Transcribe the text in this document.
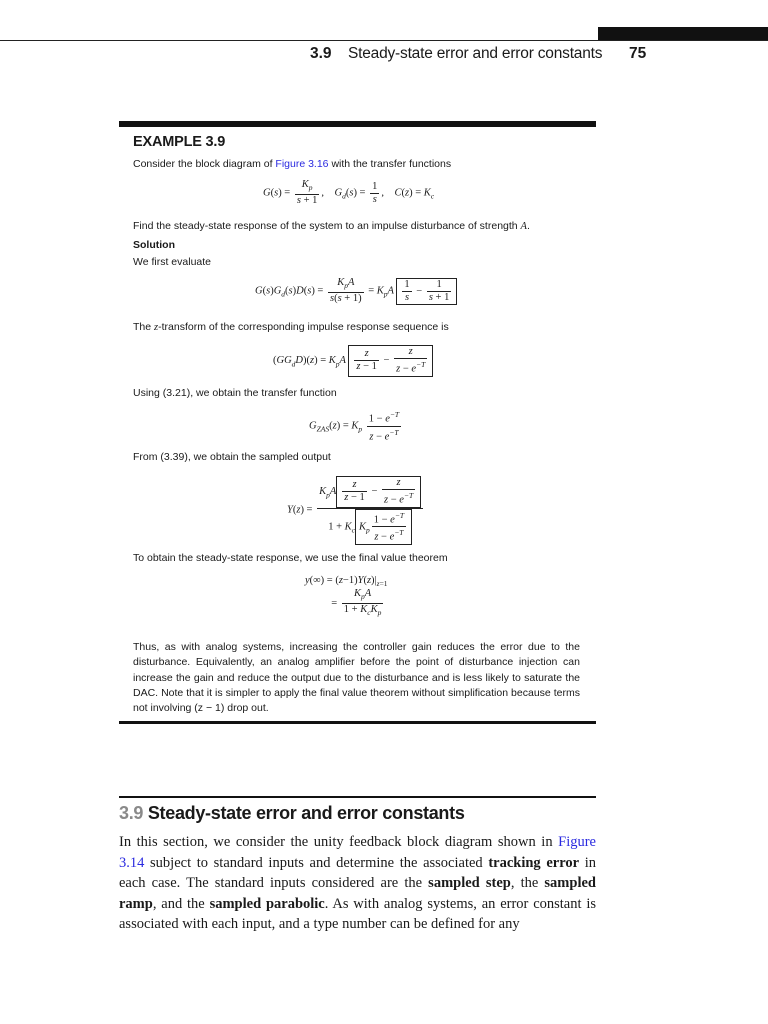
3.9 Steady-state error and error constants 75
EXAMPLE 3.9
Consider the block diagram of Figure 3.16 with the transfer functions
$G(s) = \frac{K_p}{s + 1}$ ,    $G_d(s) = \frac{1}{s}$ ,    $C(z) = K_c$
Find the steady-state response of the system to an impulse disturbance of strength A.
Solution
We first evaluate
$G(s)G_d(s)D(s) = \frac{K_pA}{s(s + 1)} = K_pA \frac{1}{s} - \frac{1}{s + 1}$
The z-transform of the corresponding impulse response sequence is
$(GG_dD)(z) = K_pA \frac{z}{z - 1} - \frac{z}{z - e^{-T}}$
Using (3.21), we obtain the transfer function
$G_{ZAS}(z) = K_p \frac{1 - e^{-T}}{z - e^{-T}}$
From (3.39), we obtain the sampled output
$Y(z) = \frac{K_pA \frac{z}{z - 1} - \frac{z}{z - e^{-T}}}{1 + K_c K_p \frac{1 - e^{-T}}{z - e^{-T}}}$
To obtain the steady-state response, we use the final value theorem
$y(\infty) = (z-1)Y(z)|_{z=1}$
= $\frac{K_pA}{1 + K_cK_p}$
Thus, as with analog systems, increasing the controller gain reduces the error due to the disturbance. Equivalently, an analog amplifier before the point of disturbance injection can increase the gain and reduce the output due to the disturbance and is less likely to saturate the DAC. Note that it is simpler to apply the final value theorem without simplification because terms not involving (z − 1) drop out.
3.9 Steady-state error and error constants
In this section, we consider the unity feedback block diagram shown in Figure 3.14 subject to standard inputs and determine the associated tracking error in each case. The standard inputs considered are the sampled step, the sampled ramp, and the sampled parabolic. As with analog systems, an error constant is associated with each input, and a type number can be defined for any
